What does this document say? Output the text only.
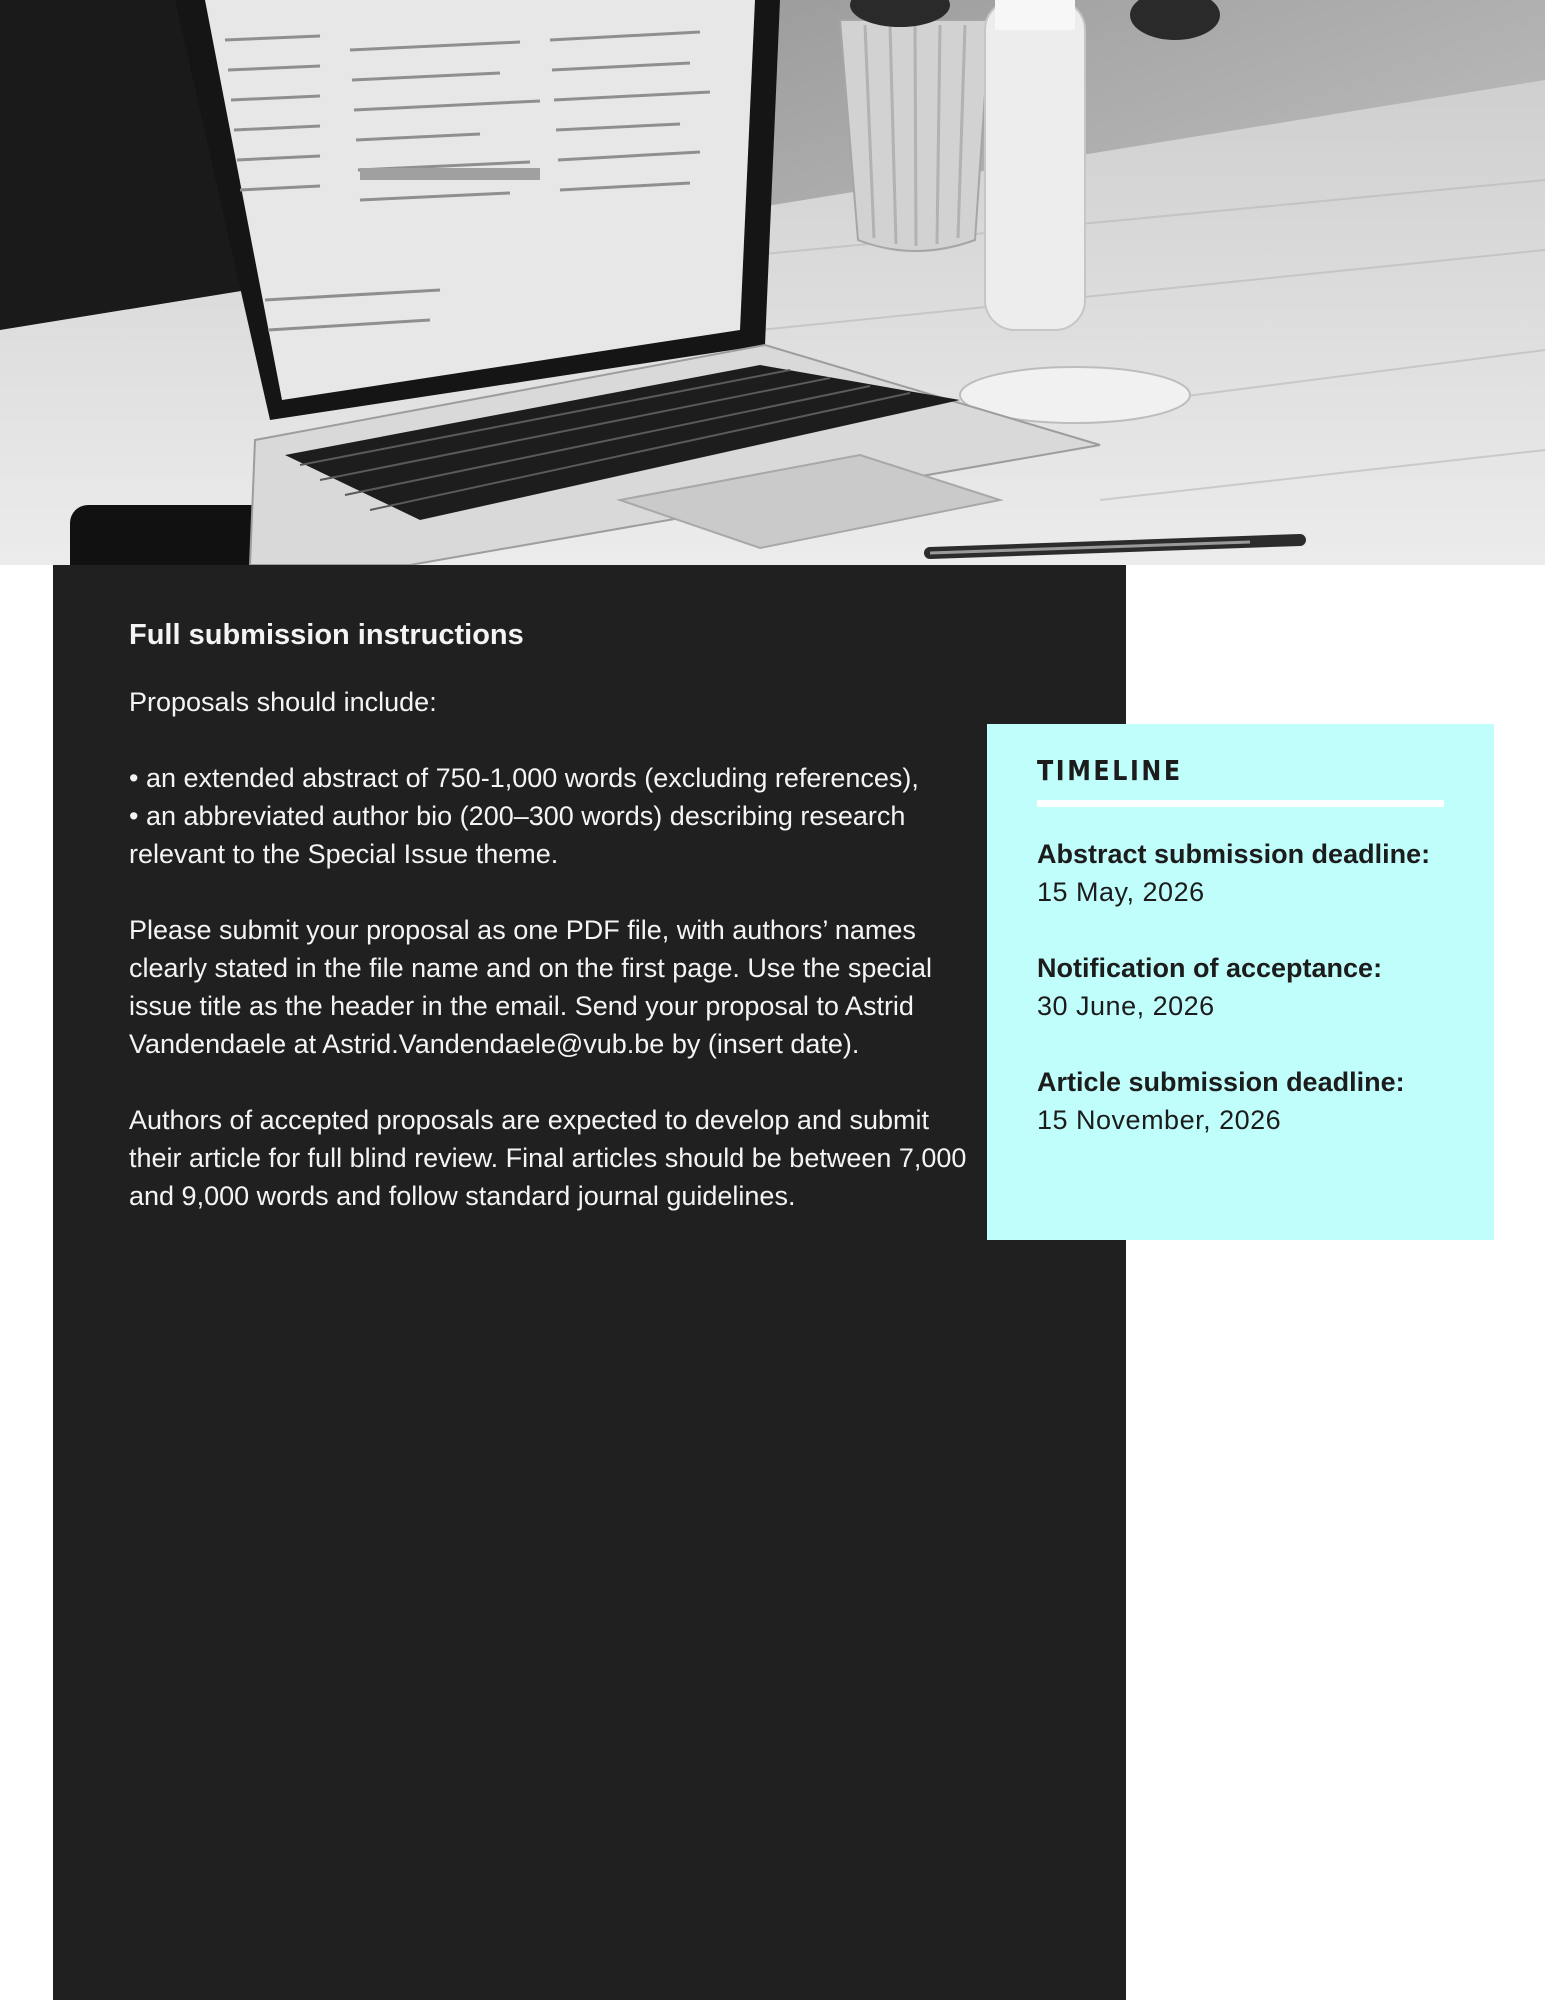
Full submission instructions

Proposals should include:

• an extended abstract of 750-1,000 words (excluding references),

• an abbreviated author bio (200–300 words) describing research relevant to the Special Issue theme.

Please submit your proposal as one PDF file, with authors’ names clearly stated in the file name and on the first page. Use the special issue title as the header in the email. Send your proposal to Astrid Vandendaele at Astrid.Vandendaele@vub.be by (insert date).

Authors of accepted proposals are expected to develop and submit their article for full blind review. Final articles should be between 7,000 and 9,000 words and follow standard journal guidelines.

TIMELINE

Abstract submission deadline:

15 May, 2026

Notification of acceptance:

30 June, 2026

Article submission deadline:

15 November, 2026
